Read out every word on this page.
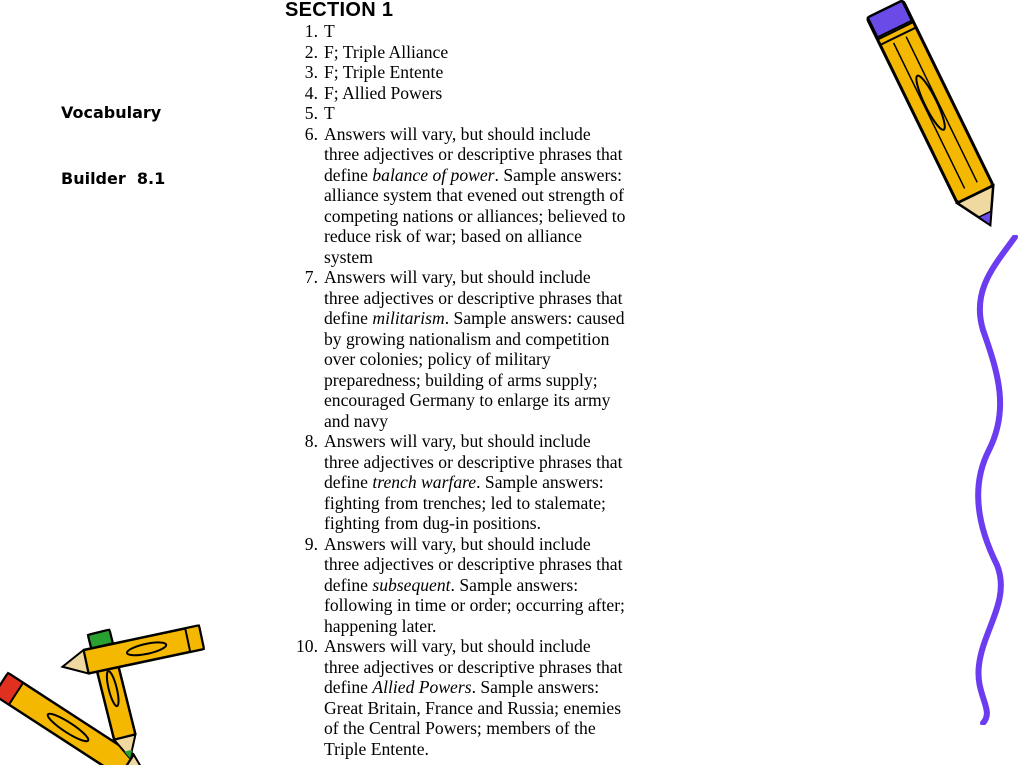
Vocabulary

Builder  8.1

SECTION 1
1. T
2. F; Triple Alliance
3. F; Triple Entente
4. F; Allied Powers
5. T
6. Answers will vary, but should include
three adjectives or descriptive phrases that
define balance of power. Sample answers:
alliance system that evened out strength of
competing nations or alliances; believed to
reduce risk of war; based on alliance
system
7. Answers will vary, but should include
three adjectives or descriptive phrases that
define militarism. Sample answers: caused
by growing nationalism and competition
over colonies; policy of military
preparedness; building of arms supply;
encouraged Germany to enlarge its army
and navy
8. Answers will vary, but should include
three adjectives or descriptive phrases that
define trench warfare. Sample answers:
fighting from trenches; led to stalemate;
fighting from dug-in positions.
9. Answers will vary, but should include
three adjectives or descriptive phrases that
define subsequent. Sample answers:
following in time or order; occurring after;
happening later.
10. Answers will vary, but should include
three adjectives or descriptive phrases that
define Allied Powers. Sample answers:
Great Britain, France and Russia; enemies
of the Central Powers; members of the
Triple Entente.
